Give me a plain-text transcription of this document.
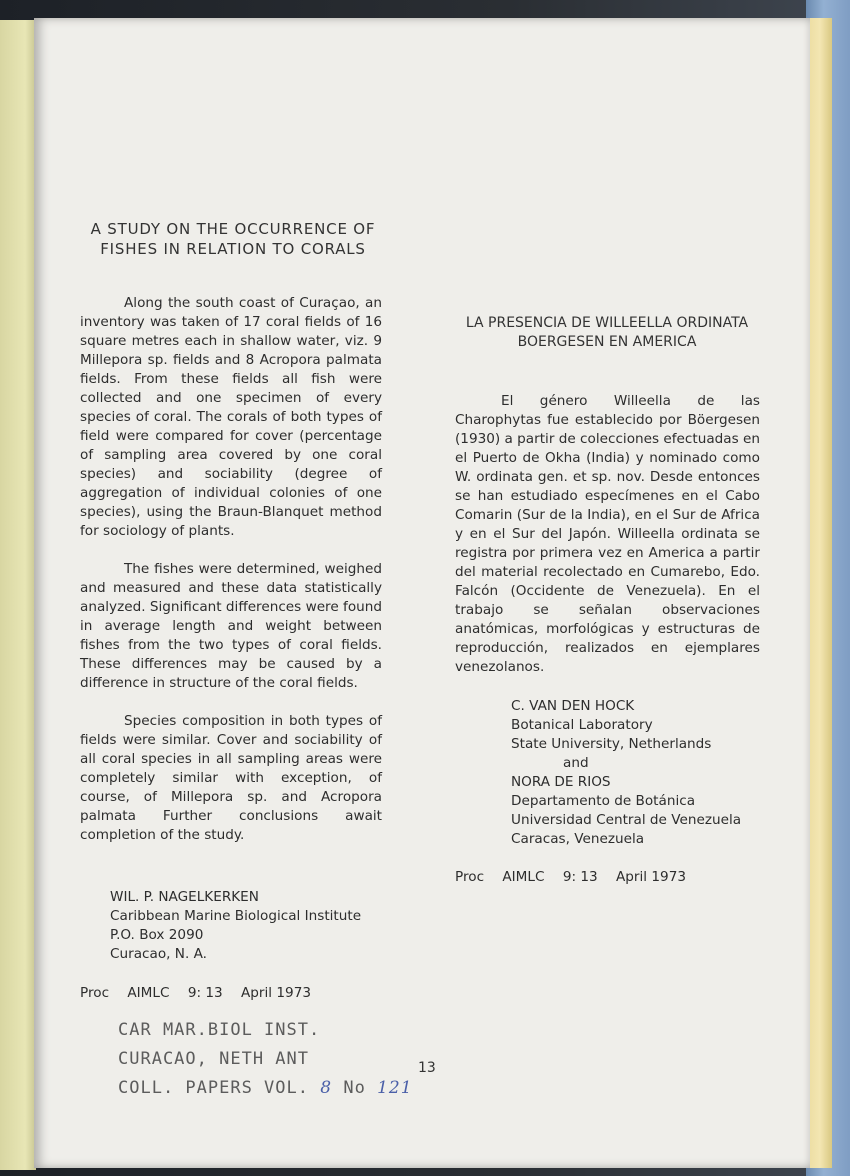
A STUDY ON THE OCCURRENCE OF
FISHES IN RELATION TO CORALS

Along the south coast of Curaçao, an inventory was taken of 17 coral fields of 16 square metres each in shallow water, viz. 9 Millepora sp. fields and 8 Acropora palmata fields. From these fields all fish were collected and one specimen of every species of coral. The corals of both types of field were compared for cover (percentage of sampling area covered by one coral species) and sociability (degree of aggregation of individual colonies of one species), using the Braun-Blanquet method for sociology of plants.

The fishes were determined, weighed and measured and these data statistically analyzed. Significant differences were found in average length and weight between fishes from the two types of coral fields. These differences may be caused by a difference in structure of the coral fields.

Species composition in both types of fields were similar. Cover and sociability of all coral species in all sampling areas were completely similar with exception, of course, of Millepora sp. and Acropora palmata Further conclusions await completion of the study.

WIL. P. NAGELKERKEN
Caribbean Marine Biological Institute
P.O. Box 2090
Curacao, N. A.
Proc AIMLC 9: 13 April 1973
CAR MAR.BIOL INST.
CURACAO, NETH ANT
COLL. PAPERS VOL. 8 No 121
13
LA PRESENCIA DE WILLEELLA ORDINATA
BOERGESEN EN AMERICA

El género Willeella de las Charophytas fue establecido por Böergesen (1930) a partir de colecciones efectuadas en el Puerto de Okha (India) y nominado como W. ordinata gen. et sp. nov. Desde entonces se han estudiado especímenes en el Cabo Comarin (Sur de la India), en el Sur de Africa y en el Sur del Japón. Willeella ordinata se registra por primera vez en America a partir del material recolectado en Cumarebo, Edo. Falcón (Occidente de Venezuela). En el trabajo se señalan observaciones anatómicas, morfológicas y estructuras de reproducción, realizados en ejemplares venezolanos.

C. VAN DEN HOCK
Botanical Laboratory
State University, Netherlands
and
NORA DE RIOS
Departamento de Botánica
Universidad Central de Venezuela
Caracas, Venezuela
Proc AIMLC 9: 13 April 1973
